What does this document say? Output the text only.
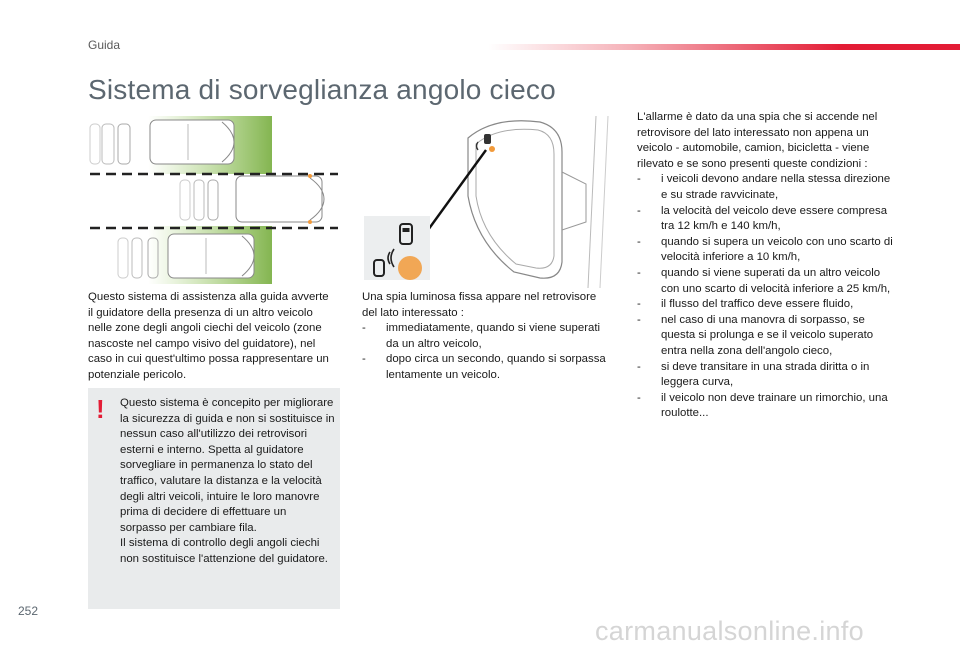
Guida
Sistema di sorveglianza angolo cieco
Questo sistema di assistenza alla guida avverte il guidatore della presenza di un altro veicolo nelle zone degli angoli ciechi del veicolo (zone nascoste nel campo visivo del guidatore), nel caso in cui quest'ultimo possa rappresentare un potenziale pericolo.
! Questo sistema è concepito per migliorare la sicurezza di guida e non si sostituisce in nessun caso all'utilizzo dei retrovisori esterni e interno. Spetta al guidatore sorvegliare in permanenza lo stato del traffico, valutare la distanza e la velocità degli altri veicoli, intuire le loro manovre prima di decidere di effettuare un sorpasso per cambiare fila.
Il sistema di controllo degli angoli ciechi non sostituisce l'attenzione del guidatore.
Una spia luminosa fissa appare nel retrovisore del lato interessato :
- immediatamente, quando si viene superati da un altro veicolo,
- dopo circa un secondo, quando si sorpassa lentamente un veicolo.
L'allarme è dato da una spia che si accende nel retrovisore del lato interessato non appena un veicolo - automobile, camion, bicicletta - viene rilevato e se sono presenti queste condizioni :
- i veicoli devono andare nella stessa direzione e su strade ravvicinate,
- la velocità del veicolo deve essere compresa tra 12 km/h e 140 km/h,
- quando si supera un veicolo con uno scarto di velocità inferiore a 10 km/h,
- quando si viene superati da un altro veicolo con uno scarto di velocità inferiore a 25 km/h,
- il flusso del traffico deve essere fluido,
- nel caso di una manovra di sorpasso, se questa si prolunga e se il veicolo superato entra nella zona dell'angolo cieco,
- si deve transitare in una strada diritta o in leggera curva,
- il veicolo non deve trainare un rimorchio, una roulotte...
252
carmanualsonline.info
